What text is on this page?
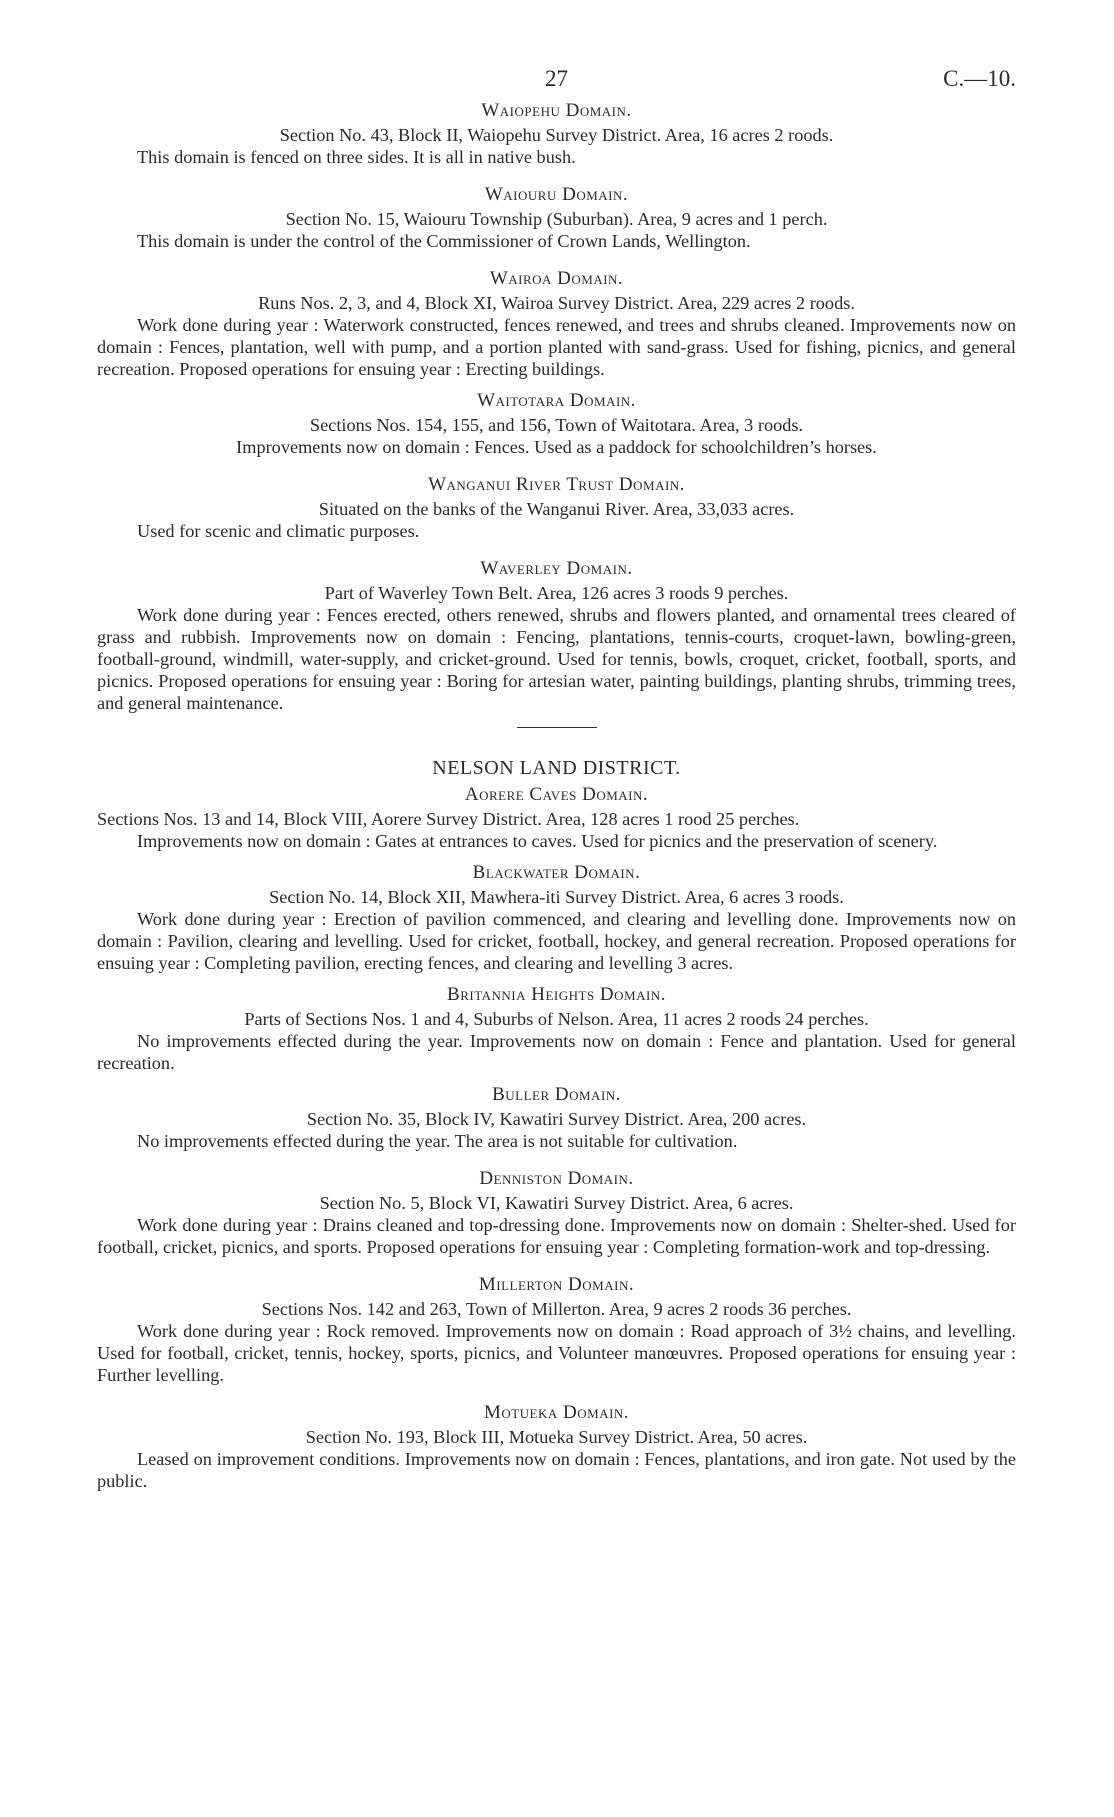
27	C.—10.
Waiopehu Domain.

Section No. 43, Block II, Waiopehu Survey District. Area, 16 acres 2 roods.

This domain is fenced on three sides. It is all in native bush.

Waiouru Domain.

Section No. 15, Waiouru Township (Suburban). Area, 9 acres and 1 perch.

This domain is under the control of the Commissioner of Crown Lands, Wellington.

Wairoa Domain.

Runs Nos. 2, 3, and 4, Block XI, Wairoa Survey District. Area, 229 acres 2 roods.

Work done during year : Waterwork constructed, fences renewed, and trees and shrubs cleaned. Improvements now on domain : Fences, plantation, well with pump, and a portion planted with sand-grass. Used for fishing, picnics, and general recreation. Proposed operations for ensuing year : Erecting buildings.

Waitotara Domain.

Sections Nos. 154, 155, and 156, Town of Waitotara. Area, 3 roods.

Improvements now on domain : Fences. Used as a paddock for schoolchildren’s horses.

Wanganui River Trust Domain.

Situated on the banks of the Wanganui River. Area, 33,033 acres.

Used for scenic and climatic purposes.

Waverley Domain.

Part of Waverley Town Belt. Area, 126 acres 3 roods 9 perches.

Work done during year : Fences erected, others renewed, shrubs and flowers planted, and ornamental trees cleared of grass and rubbish. Improvements now on domain : Fencing, plantations, tennis-courts, croquet-lawn, bowling-green, football-ground, windmill, water-supply, and cricket-ground. Used for tennis, bowls, croquet, cricket, football, sports, and picnics. Proposed operations for ensuing year : Boring for artesian water, painting buildings, planting shrubs, trimming trees, and general maintenance.

NELSON LAND DISTRICT.
Aorere Caves Domain.

Sections Nos. 13 and 14, Block VIII, Aorere Survey District. Area, 128 acres 1 rood 25 perches.

Improvements now on domain : Gates at entrances to caves. Used for picnics and the preservation of scenery.

Blackwater Domain.

Section No. 14, Block XII, Mawhera-iti Survey District. Area, 6 acres 3 roods.

Work done during year : Erection of pavilion commenced, and clearing and levelling done. Improvements now on domain : Pavilion, clearing and levelling. Used for cricket, football, hockey, and general recreation. Proposed operations for ensuing year : Completing pavilion, erecting fences, and clearing and levelling 3 acres.

Britannia Heights Domain.

Parts of Sections Nos. 1 and 4, Suburbs of Nelson. Area, 11 acres 2 roods 24 perches.

No improvements effected during the year. Improvements now on domain : Fence and plantation. Used for general recreation.

Buller Domain.

Section No. 35, Block IV, Kawatiri Survey District. Area, 200 acres.

No improvements effected during the year. The area is not suitable for cultivation.

Denniston Domain.

Section No. 5, Block VI, Kawatiri Survey District. Area, 6 acres.

Work done during year : Drains cleaned and top-dressing done. Improvements now on domain : Shelter-shed. Used for football, cricket, picnics, and sports. Proposed operations for ensuing year : Completing formation-work and top-dressing.

Millerton Domain.

Sections Nos. 142 and 263, Town of Millerton. Area, 9 acres 2 roods 36 perches.

Work done during year : Rock removed. Improvements now on domain : Road approach of 3½ chains, and levelling. Used for football, cricket, tennis, hockey, sports, picnics, and Volunteer manœuvres. Proposed operations for ensuing year : Further levelling.

Motueka Domain.

Section No. 193, Block III, Motueka Survey District. Area, 50 acres.

Leased on improvement conditions. Improvements now on domain : Fences, plantations, and iron gate. Not used by the public.
